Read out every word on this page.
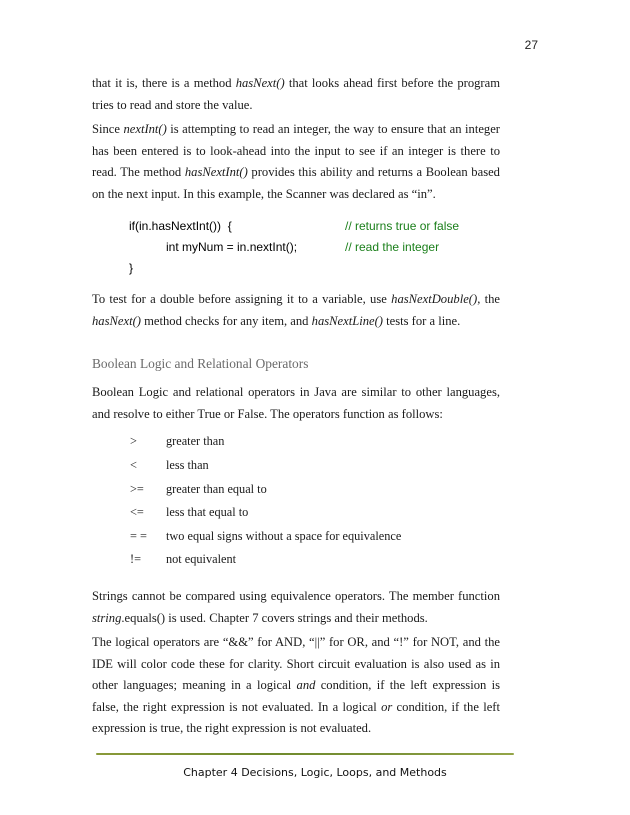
27

that it is, there is a method hasNext() that looks ahead first before the program tries to read and store the value.

Since nextInt() is attempting to read an integer, the way to ensure that an integer has been entered is to look-ahead into the input to see if an integer is there to read. The method hasNextInt() provides this ability and returns a Boolean based on the next input. In this example, the Scanner was declared as “in”.

if(in.hasNextInt())  {	// returns true or false
int myNum = in.nextInt();	// read the integer
}

To test for a double before assigning it to a variable, use hasNextDouble(), the hasNext() method checks for any item, and hasNextLine() tests for a line.

Boolean Logic and Relational Operators

Boolean Logic and relational operators in Java are similar to other languages, and resolve to either True or False. The operators function as follows:

>	greater than
<	less than
>=	greater than equal to
<=	less that equal to
= =	two equal signs without a space for equivalence
!=	not equivalent

Strings cannot be compared using equivalence operators. The member function string.equals() is used. Chapter 7 covers strings and their methods.

The logical operators are “&&” for AND, “||” for OR, and “!” for NOT, and the IDE will color code these for clarity. Short circuit evaluation is also used as in other languages; meaning in a logical and condition, if the left expression is false, the right expression is not evaluated. In a logical or condition, if the left expression is true, the right expression is not evaluated.

Chapter 4 Decisions, Logic, Loops, and Methods
